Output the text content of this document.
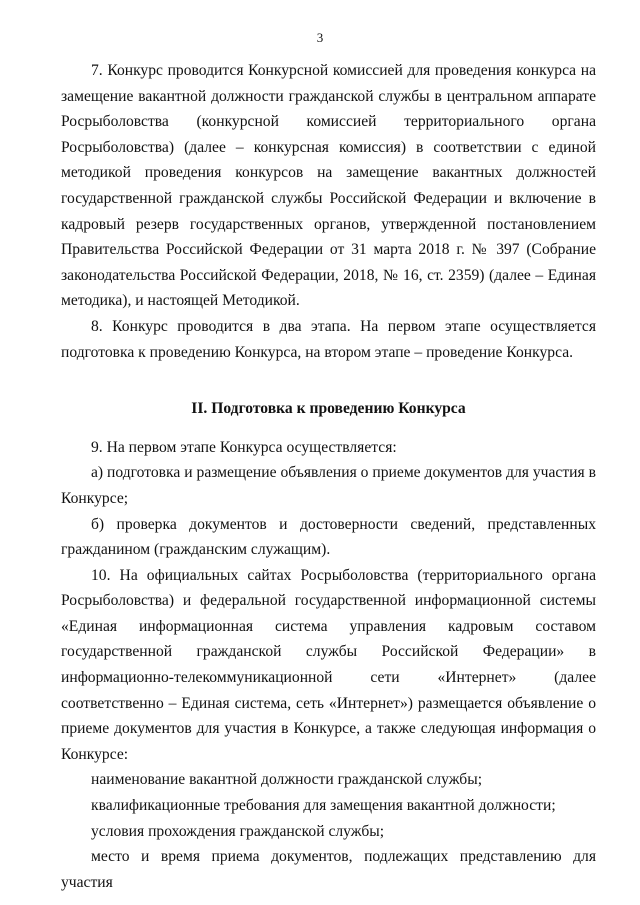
3

7. Конкурс проводится Конкурсной комиссией для проведения конкурса на замещение вакантной должности гражданской службы в центральном аппарате Росрыболовства (конкурсной комиссией территориального органа Росрыболовства) (далее – конкурсная комиссия) в соответствии с единой методикой проведения конкурсов на замещение вакантных должностей государственной гражданской службы Российской Федерации и включение в кадровый резерв государственных органов, утвержденной постановлением Правительства Российской Федерации от 31 марта 2018 г. № 397 (Собрание законодательства Российской Федерации, 2018, № 16, ст. 2359) (далее – Единая методика), и настоящей Методикой.

8. Конкурс проводится в два этапа. На первом этапе осуществляется подготовка к проведению Конкурса, на втором этапе – проведение Конкурса.

II. Подготовка к проведению Конкурса

9. На первом этапе Конкурса осуществляется:

а) подготовка и размещение объявления о приеме документов для участия в Конкурсе;

б) проверка документов и достоверности сведений, представленных гражданином (гражданским служащим).

10. На официальных сайтах Росрыболовства (территориального органа Росрыболовства) и федеральной государственной информационной системы «Единая информационная система управления кадровым составом государственной гражданской службы Российской Федерации» в информационно-телекоммуникационной сети «Интернет» (далее соответственно – Единая система, сеть «Интернет») размещается объявление о приеме документов для участия в Конкурсе, а также следующая информация о Конкурсе:

наименование вакантной должности гражданской службы;

квалификационные требования для замещения вакантной должности;

условия прохождения гражданской службы;

место и время приема документов, подлежащих представлению для участия
